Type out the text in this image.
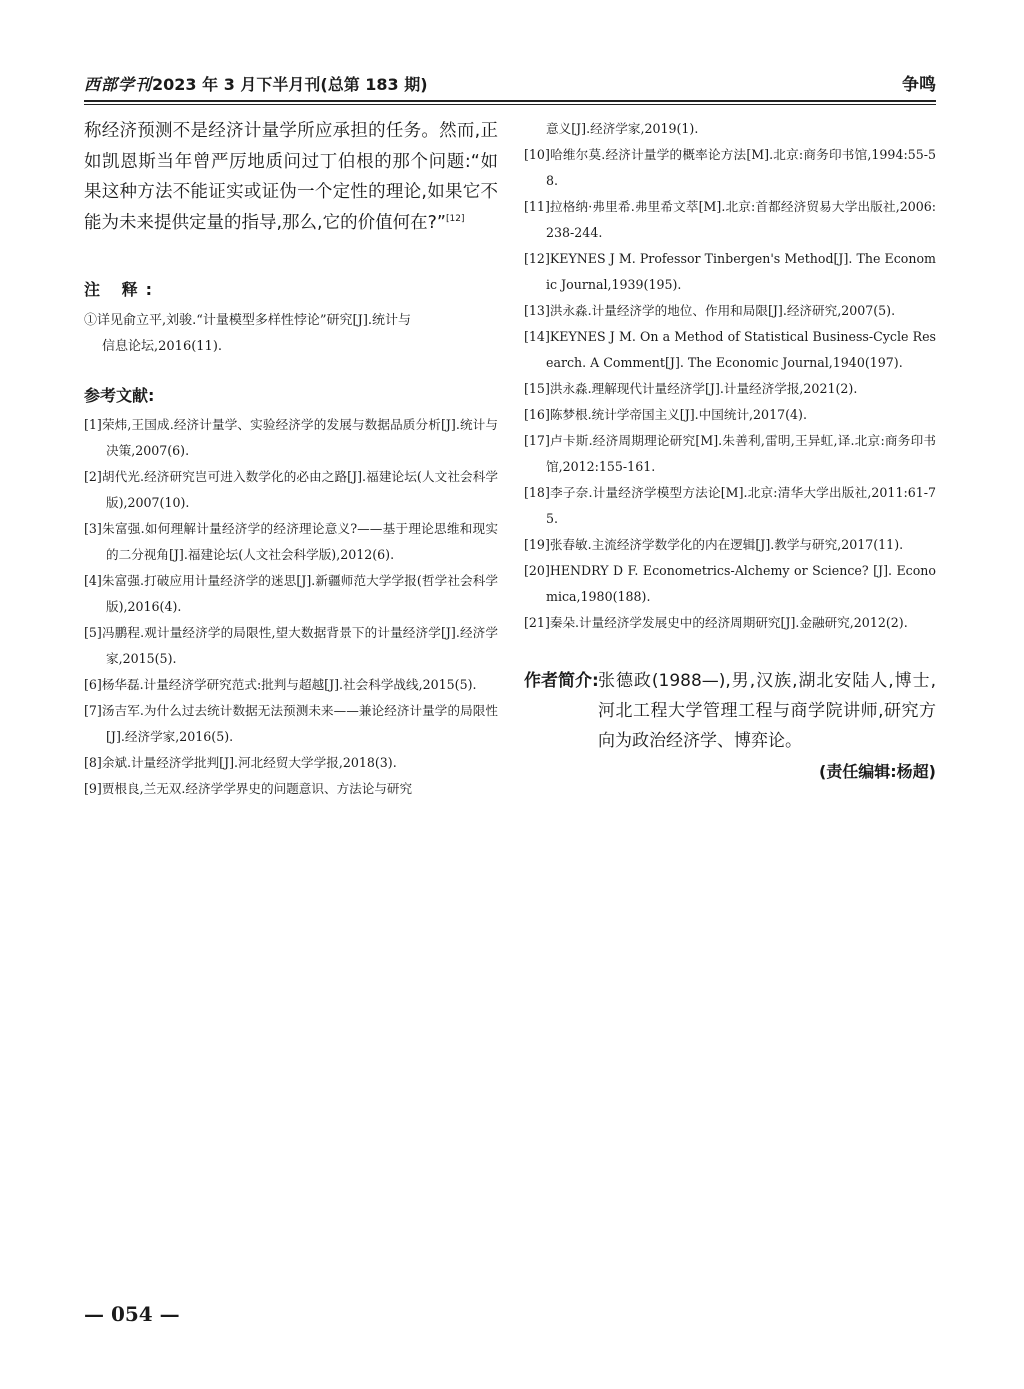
西部学刊2023 年 3 月下半月刊(总第 183 期)	争鸣

称经济预测不是经济计量学所应承担的任务。然而,正如凯恩斯当年曾严厉地质问过丁伯根的那个问题:“如果这种方法不能证实或证伪一个定性的理论,如果它不能为未来提供定量的指导,那么,它的价值何在?”[12]

注 释:

①详见俞立平,刘骏.“计量模型多样性悖论”研究[J].统计与
信息论坛,2016(11).

参考文献:

[1]荣炜,王国成.经济计量学、实验经济学的发展与数据品质分析[J].统计与决策,2007(6).

[2]胡代光.经济研究岂可进入数学化的必由之路[J].福建论坛(人文社会科学版),2007(10).

[3]朱富强.如何理解计量经济学的经济理论意义?——基于理论思维和现实的二分视角[J].福建论坛(人文社会科学版),2012(6).

[4]朱富强.打破应用计量经济学的迷思[J].新疆师范大学学报(哲学社会科学版),2016(4).

[5]冯鹏程.观计量经济学的局限性,望大数据背景下的计量经济学[J].经济学家,2015(5).

[6]杨华磊.计量经济学研究范式:批判与超越[J].社会科学战线,2015(5).

[7]汤吉军.为什么过去统计数据无法预测未来——兼论经济计量学的局限性[J].经济学家,2016(5).

[8]余斌.计量经济学批判[J].河北经贸大学学报,2018(3).

[9]贾根良,兰无双.经济学学界史的问题意识、方法论与研究

意义[J].经济学家,2019(1).

[10]哈维尔莫.经济计量学的概率论方法[M].北京:商务印书馆,1994:55-58.

[11]拉格纳·弗里希.弗里希文萃[M].北京:首都经济贸易大学出版社,2006:238-244.

[12]KEYNES J M. Professor Tinbergen's Method[J]. The Economic Journal,1939(195).

[13]洪永淼.计量经济学的地位、作用和局限[J].经济研究,2007(5).

[14]KEYNES J M. On a Method of Statistical Business-Cycle Research. A Comment[J]. The Economic Journal,1940(197).

[15]洪永淼.理解现代计量经济学[J].计量经济学报,2021(2).

[16]陈梦根.统计学帝国主义[J].中国统计,2017(4).

[17]卢卡斯.经济周期理论研究[M].朱善利,雷明,王异虹,译.北京:商务印书馆,2012:155-161.

[18]李子奈.计量经济学模型方法论[M].北京:清华大学出版社,2011:61-75.

[19]张春敏.主流经济学数学化的内在逻辑[J].教学与研究,2017(11).

[20]HENDRY D F. Econometrics-Alchemy or Science? [J]. Economica,1980(188).

[21]秦朵.计量经济学发展史中的经济周期研究[J].金融研究,2012(2).

作者简介: 张德政(1988—),男,汉族,湖北安陆人,博士,河北工程大学管理工程与商学院讲师,研究方向为政治经济学、博弈论。
(责任编辑:杨超)
— 054 —
